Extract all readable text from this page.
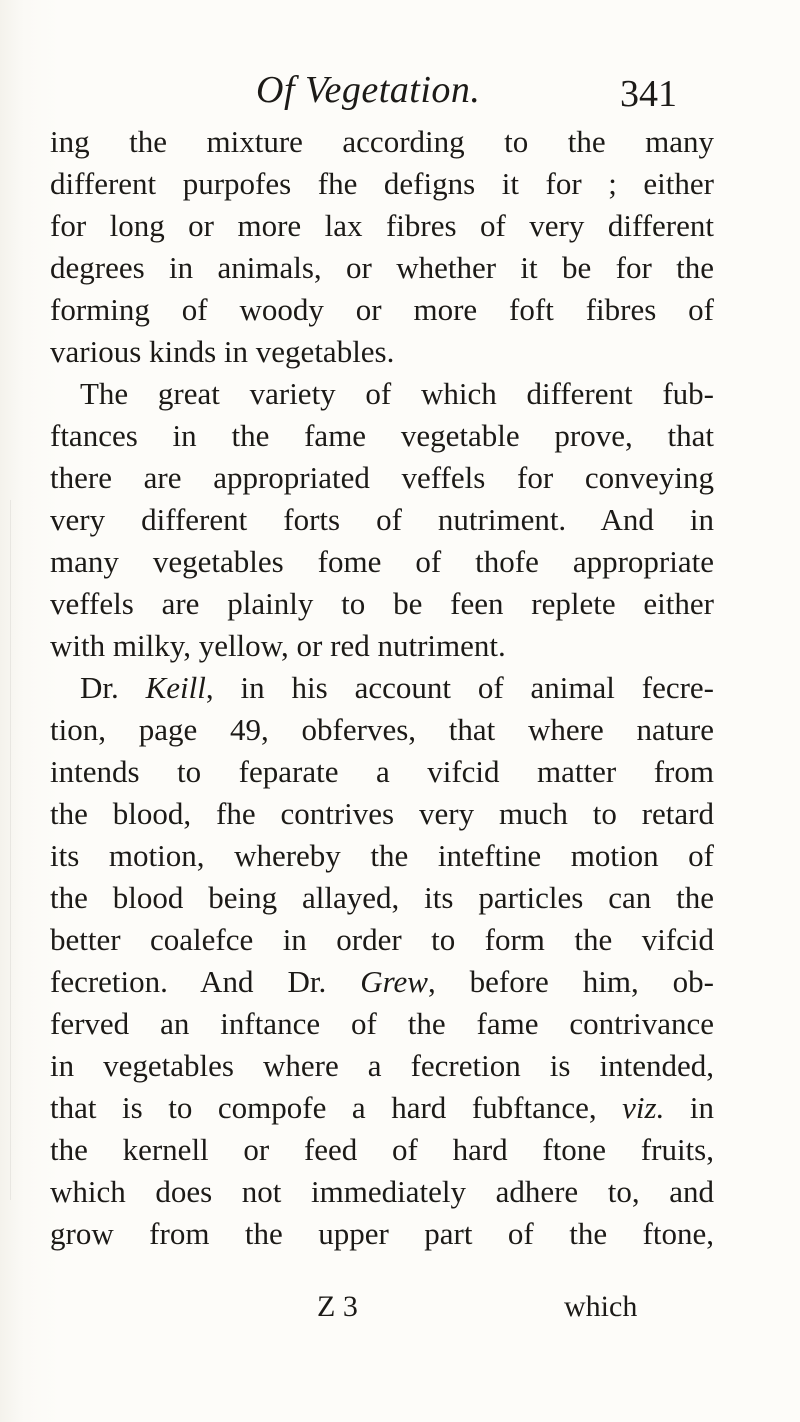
Of Vegetation.	341
ing the mixture according to the many
different purpofes fhe defigns it for ; either
for long or more lax fibres of very different
degrees in animals, or whether it be for the
forming of woody or more foft fibres of
various kinds in vegetables.
The great variety of which different fub-
ftances in the fame vegetable prove, that
there are appropriated veffels for conveying
very different forts of nutriment. And in
many vegetables fome of thofe appropriate
veffels are plainly to be feen replete either
with milky, yellow, or red nutriment.
Dr. Keill, in his account of animal fecre-
tion, page 49, obferves, that where nature
intends to feparate a vifcid matter from
the blood, fhe contrives very much to retard
its motion, whereby the inteftine motion of
the blood being allayed, its particles can the
better coalefce in order to form the vifcid
fecretion. And Dr. Grew, before him, ob-
ferved an inftance of the fame contrivance
in vegetables where a fecretion is intended,
that is to compofe a hard fubftance, viz. in
the kernell or feed of hard ftone fruits,
which does not immediately adhere to, and
grow from the upper part of the ftone,
Z 3	which
